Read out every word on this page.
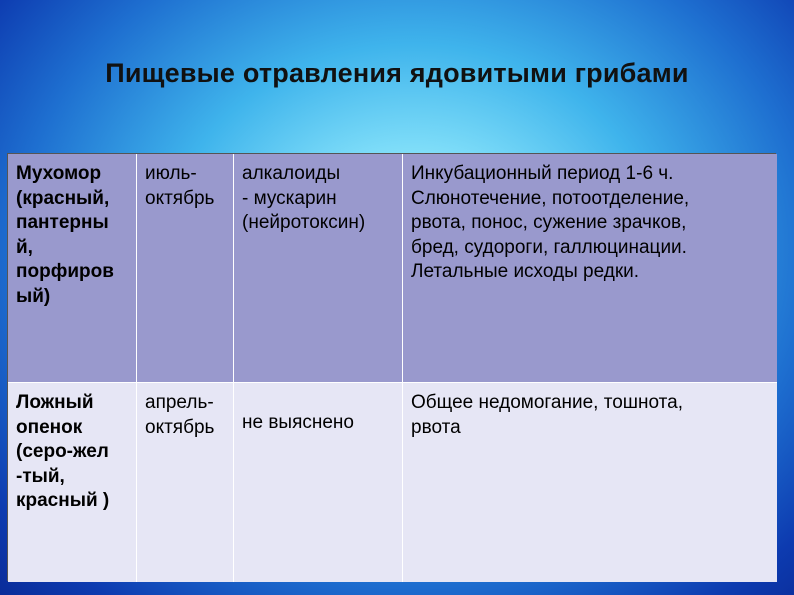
Пищевые отравления ядовитыми грибами
Мухомор
(красный,
пантерны
й,
порфиров
ый)
июль-
октябрь
алкалоиды
- мускарин
(нейротоксин)
Инкубационный период 1-6 ч.
Слюнотечение, потоотделение,
рвота, понос, сужение зрачков,
бред, судороги, галлюцинации.
Летальные исходы редки.
Ложный
опенок
(серо-жел
-тый,
красный )
апрель-
октябрь	не выяснено
Общее недомогание, тошнота,
рвота
